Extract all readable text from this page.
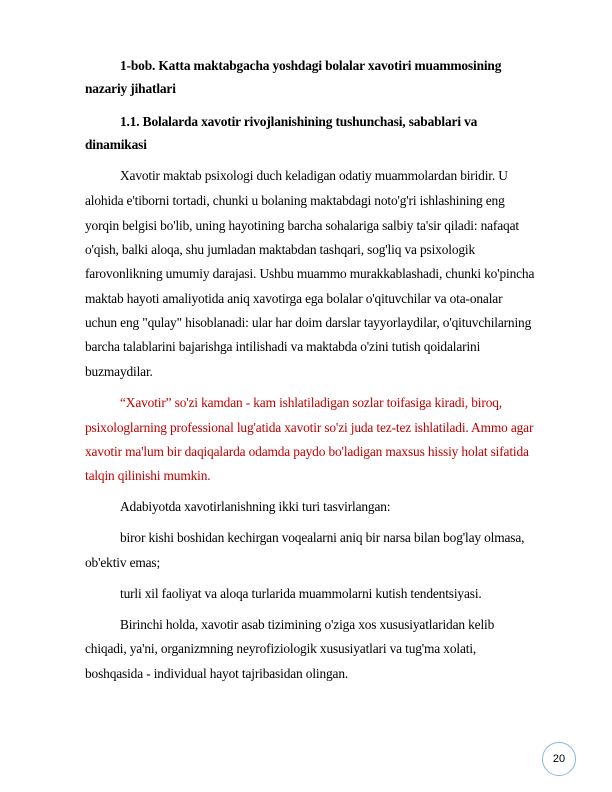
1-bob. Katta maktabgacha yoshdagi bolalar xavotiri muammosining
nazariy jihatlari
1.1. Bolalarda xavotir rivojlanishining tushunchasi, sabablari va
dinamikasi
Xavotir maktab psixologi duch keladigan odatiy muammolardan biridir. U
alohida e'tiborni tortadi, chunki u bolaning maktabdagi noto'g'ri ishlashining eng
yorqin belgisi bo'lib, uning hayotining barcha sohalariga salbiy ta'sir qiladi: nafaqat
o'qish, balki aloqa, shu jumladan maktabdan tashqari, sog'liq va psixologik
farovonlikning umumiy darajasi. Ushbu muammo murakkablashadi, chunki ko'pincha
maktab hayoti amaliyotida aniq xavotirga ega bolalar o'qituvchilar va ota-onalar
uchun eng "qulay" hisoblanadi: ular har doim darslar tayyorlaydilar, o'qituvchilarning
barcha talablarini bajarishga intilishadi va maktabda o'zini tutish qoidalarini
buzmaydilar.
“Xavotir” so'zi kamdan - kam ishlatiladigan sozlar toifasiga kiradi, biroq,
psixologlarning professional lug'atida xavotir so'zi juda tez-tez ishlatiladi. Ammo agar
xavotir ma'lum bir daqiqalarda odamda paydo bo'ladigan maxsus hissiy holat sifatida
talqin qilinishi mumkin.
Adabiyotda xavotirlanishning ikki turi tasvirlangan:
biror kishi boshidan kechirgan voqealarni aniq bir narsa bilan bog'lay olmasa,
ob'ektiv emas;
turli xil faoliyat va aloqa turlarida muammolarni kutish tendentsiyasi.
Birinchi holda, xavotir asab tizimining o'ziga xos xususiyatlaridan kelib
chiqadi, ya'ni, organizmning neyrofiziologik xususiyatlari va tug'ma xolati,
boshqasida - individual hayot tajribasidan olingan.
20
